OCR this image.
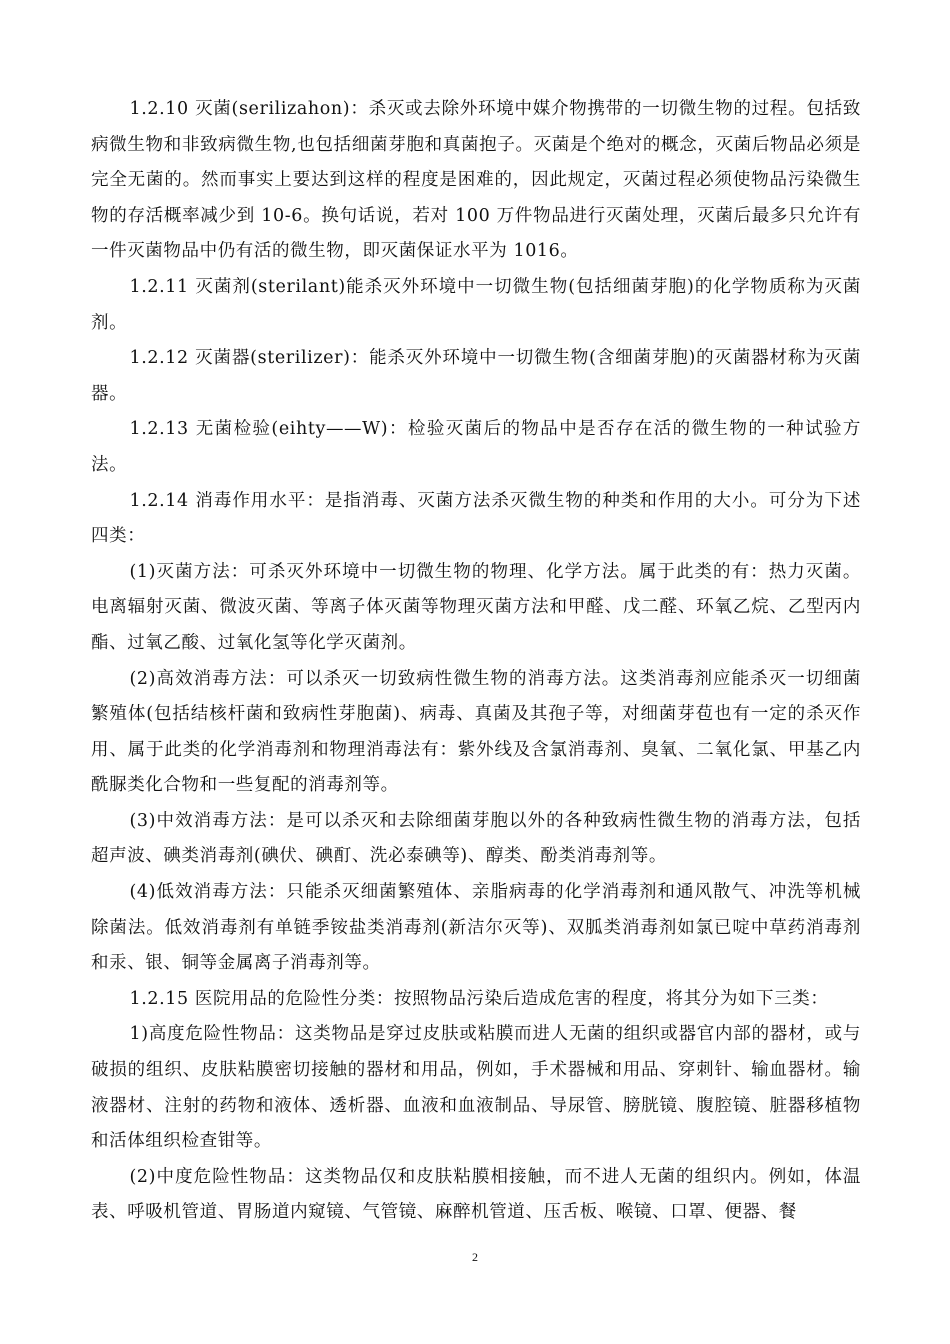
1.2.10 灭菌(serilizahon)：杀灭或去除外环境中媒介物携带的一切微生物的过程。包括致病微生物和非致病微生物,也包括细菌芽胞和真菌抱子。灭菌是个绝对的概念，灭菌后物品必须是完全无菌的。然而事实上要达到这样的程度是困难的，因此规定，灭菌过程必须使物品污染微生物的存活概率减少到 10-6。换句话说，若对 100 万件物品进行灭菌处理，灭菌后最多只允许有一件灭菌物品中仍有活的微生物，即灭菌保证水平为 1016。

1.2.11 灭菌剂(sterilant)能杀灭外环境中一切微生物(包括细菌芽胞)的化学物质称为灭菌剂。

1.2.12 灭菌器(sterilizer)：能杀灭外环境中一切微生物(含细菌芽胞)的灭菌器材称为灭菌器。

1.2.13 无菌检验(eihty——W)：检验灭菌后的物品中是否存在活的微生物的一种试验方法。

1.2.14 消毒作用水平：是指消毒、灭菌方法杀灭微生物的种类和作用的大小。可分为下述四类：

(1)灭菌方法：可杀灭外环境中一切微生物的物理、化学方法。属于此类的有：热力灭菌。电离辐射灭菌、微波灭菌、等离子体灭菌等物理灭菌方法和甲醛、戊二醛、环氧乙烷、乙型丙内酯、过氧乙酸、过氧化氢等化学灭菌剂。

(2)高效消毒方法：可以杀灭一切致病性微生物的消毒方法。这类消毒剂应能杀灭一切细菌繁殖体(包括结核杆菌和致病性芽胞菌)、病毒、真菌及其孢子等，对细菌芽苞也有一定的杀灭作用、属于此类的化学消毒剂和物理消毒法有：紫外线及含氯消毒剂、臭氧、二氧化氯、甲基乙内酰脲类化合物和一些复配的消毒剂等。

(3)中效消毒方法：是可以杀灭和去除细菌芽胞以外的各种致病性微生物的消毒方法，包括超声波、碘类消毒剂(碘伏、碘酊、洗必泰碘等)、醇类、酚类消毒剂等。

(4)低效消毒方法：只能杀灭细菌繁殖体、亲脂病毒的化学消毒剂和通风散气、冲洗等机械除菌法。低效消毒剂有单链季铵盐类消毒剂(新洁尔灭等)、双胍类消毒剂如氯已啶中草药消毒剂和汞、银、铜等金属离子消毒剂等。

1.2.15 医院用品的危险性分类：按照物品污染后造成危害的程度，将其分为如下三类：

1)高度危险性物品：这类物品是穿过皮肤或粘膜而进人无菌的组织或器官内部的器材，或与破损的组织、皮肤粘膜密切接触的器材和用品，例如，手术器械和用品、穿刺针、输血器材。输液器材、注射的药物和液体、透析器、血液和血液制品、导尿管、膀胱镜、腹腔镜、脏器移植物和活体组织检查钳等。

(2)中度危险性物品：这类物品仅和皮肤粘膜相接触，而不进人无菌的组织内。例如，体温表、呼吸机管道、胃肠道内窥镜、气管镜、麻醉机管道、压舌板、喉镜、口罩、便器、餐

2
